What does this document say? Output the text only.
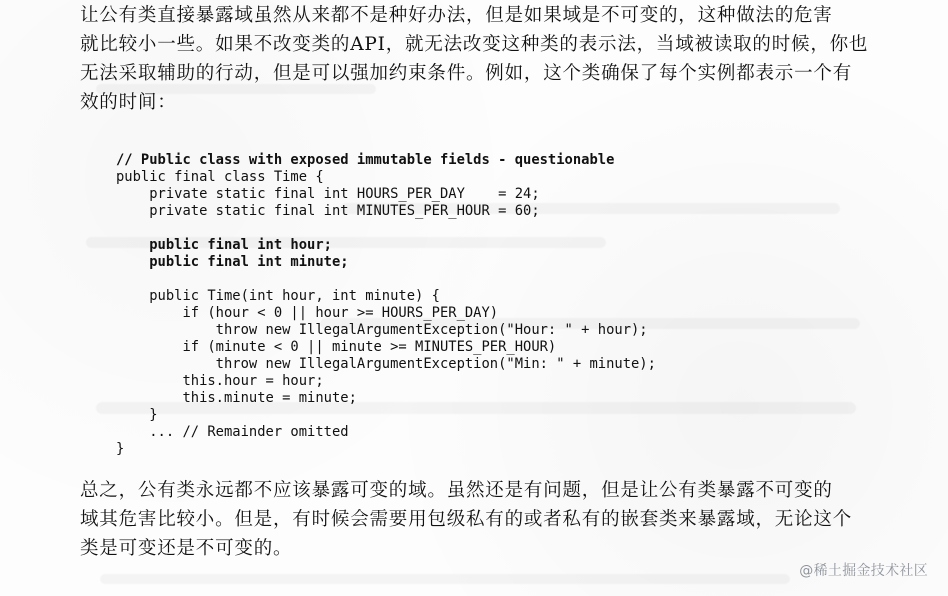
让公有类直接暴露域虽然从来都不是种好办法，但是如果域是不可变的，这种做法的危害
就比较小一些。如果不改变类的API，就无法改变这种类的表示法，当域被读取的时候，你也
无法采取辅助的行动，但是可以强加约束条件。例如，这个类确保了每个实例都表示一个有
效的时间：

// Public class with exposed immutable fields - questionable
public final class Time {
private static final int HOURS_PER_DAY    = 24;
private static final int MINUTES_PER_HOUR = 60;
public final int hour;
public final int minute;
public Time(int hour, int minute) {
if (hour < 0 || hour >= HOURS_PER_DAY)
throw new IllegalArgumentException("Hour: " + hour);
if (minute < 0 || minute >= MINUTES_PER_HOUR)
throw new IllegalArgumentException("Min: " + minute);
this.hour = hour;
this.minute = minute;
}
... // Remainder omitted
}

总之，公有类永远都不应该暴露可变的域。虽然还是有问题，但是让公有类暴露不可变的
域其危害比较小。但是，有时候会需要用包级私有的或者私有的嵌套类来暴露域，无论这个
类是可变还是不可变的。

@稀土掘金技术社区
